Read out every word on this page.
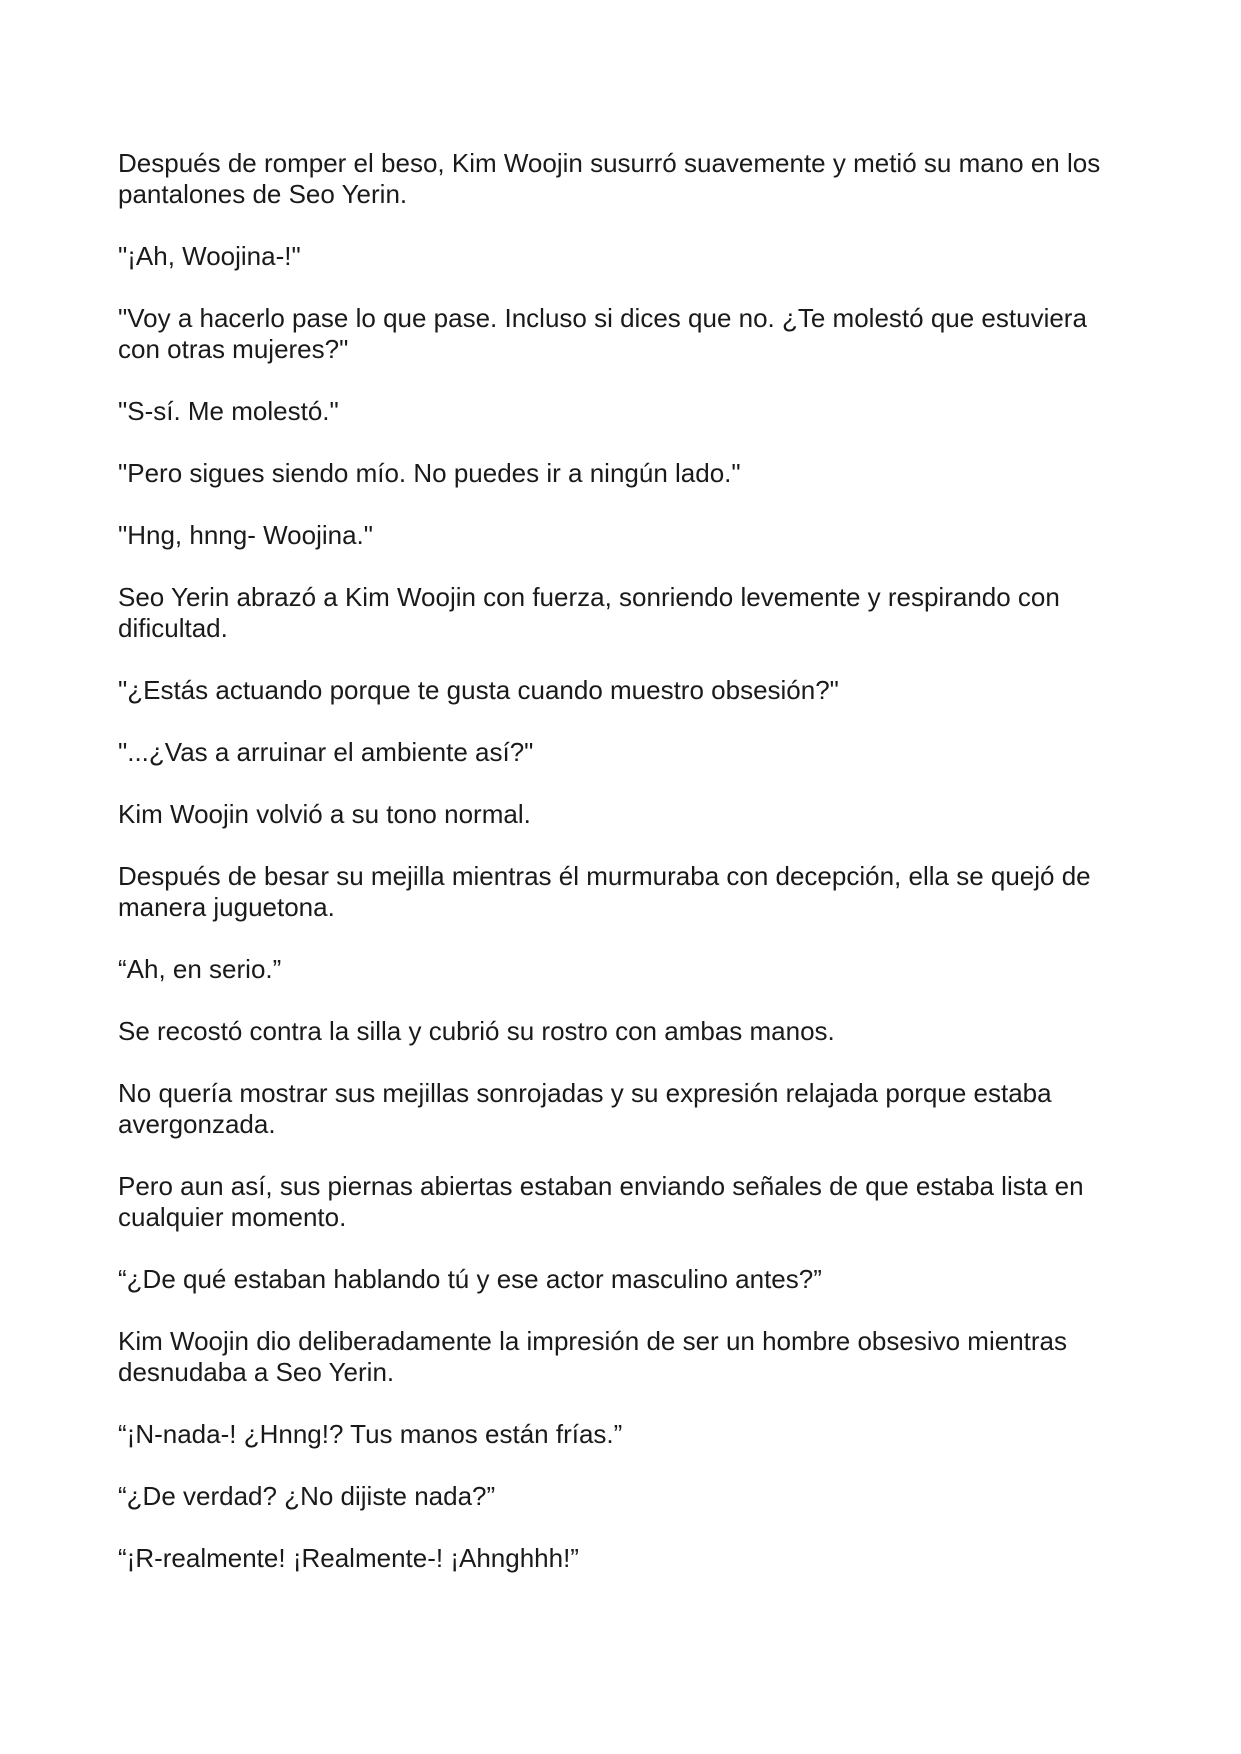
Después de romper el beso, Kim Woojin susurró suavemente y metió su mano en los pantalones de Seo Yerin.

"¡Ah, Woojina-!"

"Voy a hacerlo pase lo que pase. Incluso si dices que no. ¿Te molestó que estuviera con otras mujeres?"

"S-sí. Me molestó."

"Pero sigues siendo mío. No puedes ir a ningún lado."

"Hng, hnng- Woojina."

Seo Yerin abrazó a Kim Woojin con fuerza, sonriendo levemente y respirando con dificultad.

"¿Estás actuando porque te gusta cuando muestro obsesión?"

"...¿Vas a arruinar el ambiente así?"

Kim Woojin volvió a su tono normal.

Después de besar su mejilla mientras él murmuraba con decepción, ella se quejó de manera juguetona.

“Ah, en serio.”

Se recostó contra la silla y cubrió su rostro con ambas manos.

No quería mostrar sus mejillas sonrojadas y su expresión relajada porque estaba avergonzada.

Pero aun así, sus piernas abiertas estaban enviando señales de que estaba lista en cualquier momento.

“¿De qué estaban hablando tú y ese actor masculino antes?”

Kim Woojin dio deliberadamente la impresión de ser un hombre obsesivo mientras desnudaba a Seo Yerin.

“¡N-nada-! ¿Hnng!? Tus manos están frías.”

“¿De verdad? ¿No dijiste nada?”

“¡R-realmente! ¡Realmente-! ¡Ahnghhh!”
